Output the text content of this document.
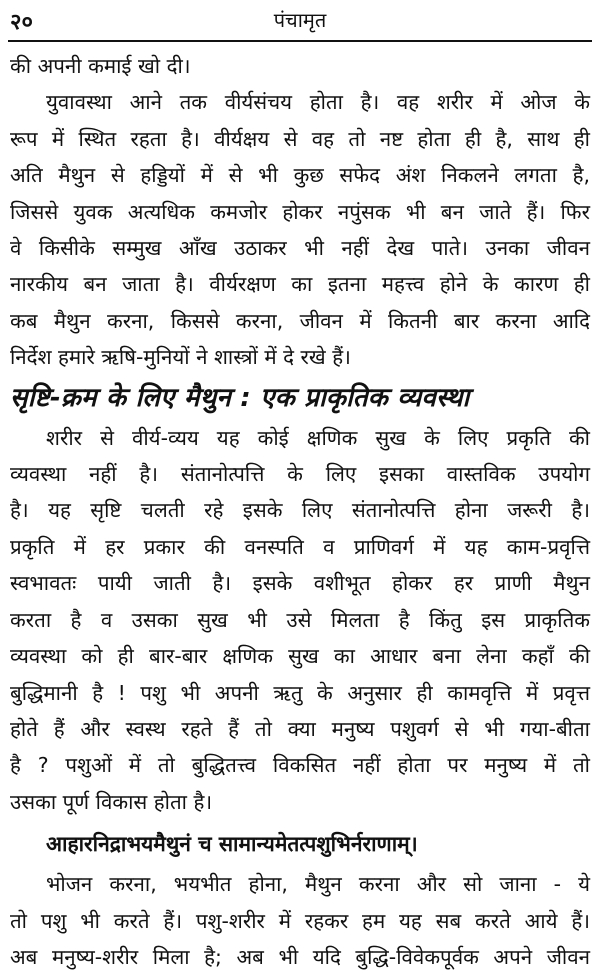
२०	पंचामृत

की अपनी कमाई खो दी।

युवावस्था आने तक वीर्यसंचय होता है। वह शरीर में ओज के
रूप में स्थित रहता है। वीर्यक्षय से वह तो नष्ट होता ही है, साथ ही
अति मैथुन से हड्डियों में से भी कुछ सफेद अंश निकलने लगता है,
जिससे युवक अत्यधिक कमजोर होकर नपुंसक भी बन जाते हैं। फिर
वे किसीके सम्मुख आँख उठाकर भी नहीं देख पाते। उनका जीवन
नारकीय बन जाता है। वीर्यरक्षण का इतना महत्त्व होने के कारण ही
कब मैथुन करना, किससे करना, जीवन में कितनी बार करना आदि
निर्देश हमारे ऋषि-मुनियों ने शास्त्रों में दे रखे हैं।

सृष्टि-क्रम के लिए मैथुन : एक प्राकृतिक व्यवस्था

शरीर से वीर्य-व्यय यह कोई क्षणिक सुख के लिए प्रकृति की
व्यवस्था नहीं है। संतानोत्पत्ति के लिए इसका वास्तविक उपयोग
है। यह सृष्टि चलती रहे इसके लिए संतानोत्पत्ति होना जरूरी है।
प्रकृति में हर प्रकार की वनस्पति व प्राणिवर्ग में यह काम-प्रवृत्ति
स्वभावतः पायी जाती है। इसके वशीभूत होकर हर प्राणी मैथुन
करता है व उसका सुख भी उसे मिलता है किंतु इस प्राकृतिक
व्यवस्था को ही बार-बार क्षणिक सुख का आधार बना लेना कहाँ की
बुद्धिमानी है ! पशु भी अपनी ऋतु के अनुसार ही कामवृत्ति में प्रवृत्त
होते हैं और स्वस्थ रहते हैं तो क्या मनुष्य पशुवर्ग से भी गया-बीता
है ? पशुओं में तो बुद्धितत्त्व विकसित नहीं होता पर मनुष्य में तो
उसका पूर्ण विकास होता है।

आहारनिद्राभयमैथुनं च सामान्यमेतत्पशुभिर्नराणाम्।

भोजन करना, भयभीत होना, मैथुन करना और सो जाना - ये
तो पशु भी करते हैं। पशु-शरीर में रहकर हम यह सब करते आये हैं।
अब मनुष्य-शरीर मिला है; अब भी यदि बुद्धि-विवेकपूर्वक अपने जीवन
